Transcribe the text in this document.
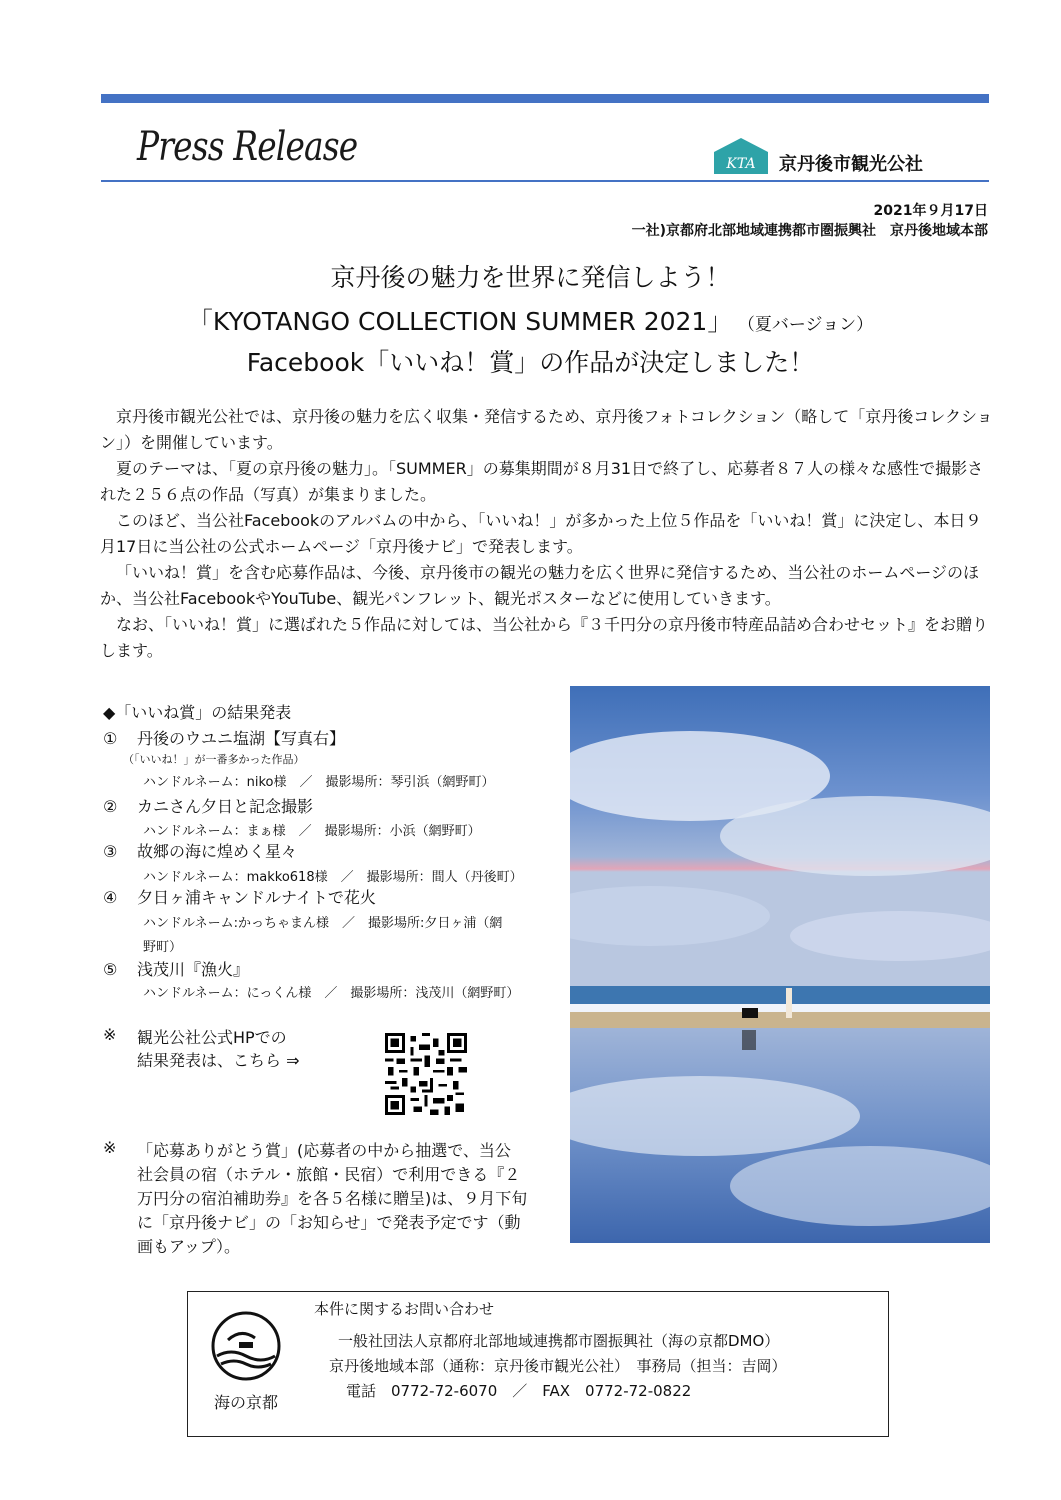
Press Release	KTA 京丹後市観光公社
2021年９月17日
一社)京都府北部地域連携都市圏振興社　京丹後地域本部
京丹後の魅力を世界に発信しよう！
「KYOTANGO COLLECTION SUMMER 2021」 （夏バージョン）
Facebook「いいね！賞」の作品が決定しました！

京丹後市観光公社では、京丹後の魅力を広く収集・発信するため、京丹後フォトコレクション（略して「京丹後コレクション」）を開催しています。

夏のテーマは、「夏の京丹後の魅力」。「SUMMER」の募集期間が８月31日で終了し、応募者８７人の様々な感性で撮影された２５６点の作品（写真）が集まりました。

このほど、当公社Facebookのアルバムの中から、「いいね！」が多かった上位５作品を「いいね！賞」に決定し、本日９月17日に当公社の公式ホームページ「京丹後ナビ」で発表します。

「いいね！賞」を含む応募作品は、今後、京丹後市の観光の魅力を広く世界に発信するため、当公社のホームページのほか、当公社FacebookやYouTube、観光パンフレット、観光ポスターなどに使用していきます。

なお、「いいね！賞」に選ばれた５作品に対しては、当公社から『３千円分の京丹後市特産品詰め合わせセット』をお贈りします。

◆「いいね賞」の結果発表
① 丹後のウユニ塩湖【写真右】
（「いいね！」が一番多かった作品）
ハンドルネーム：niko様　／　撮影場所：琴引浜（網野町）
② カニさん夕日と記念撮影
ハンドルネーム：まぁ様　／　撮影場所：小浜（網野町）
③ 故郷の海に煌めく星々
ハンドルネーム：makko618様　／　撮影場所：間人（丹後町）
④ 夕日ヶ浦キャンドルナイトで花火
ハンドルネーム:かっちゃまん様　／　撮影場所:夕日ヶ浦（網
野町）
⑤ 浅茂川『漁火』
ハンドルネーム：にっくん様　／　撮影場所：浅茂川（網野町）
※ 観光公社公式HPでの
結果発表は、こちら ⇒
※ 「応募ありがとう賞」(応募者の中から抽選で、当公
社会員の宿（ホテル・旅館・民宿）で利用できる『２
万円分の宿泊補助券』を各５名様に贈呈)は、９月下旬
に「京丹後ナビ」の「お知らせ」で発表予定です（動
画もアップ）。
海の京都
本件に関するお問い合わせ
一般社団法人京都府北部地域連携都市圏振興社（海の京都DMO）
京丹後地域本部（通称：京丹後市観光公社）　事務局（担当：吉岡）
電話　0772-72-6070　／　FAX　0772-72-0822
